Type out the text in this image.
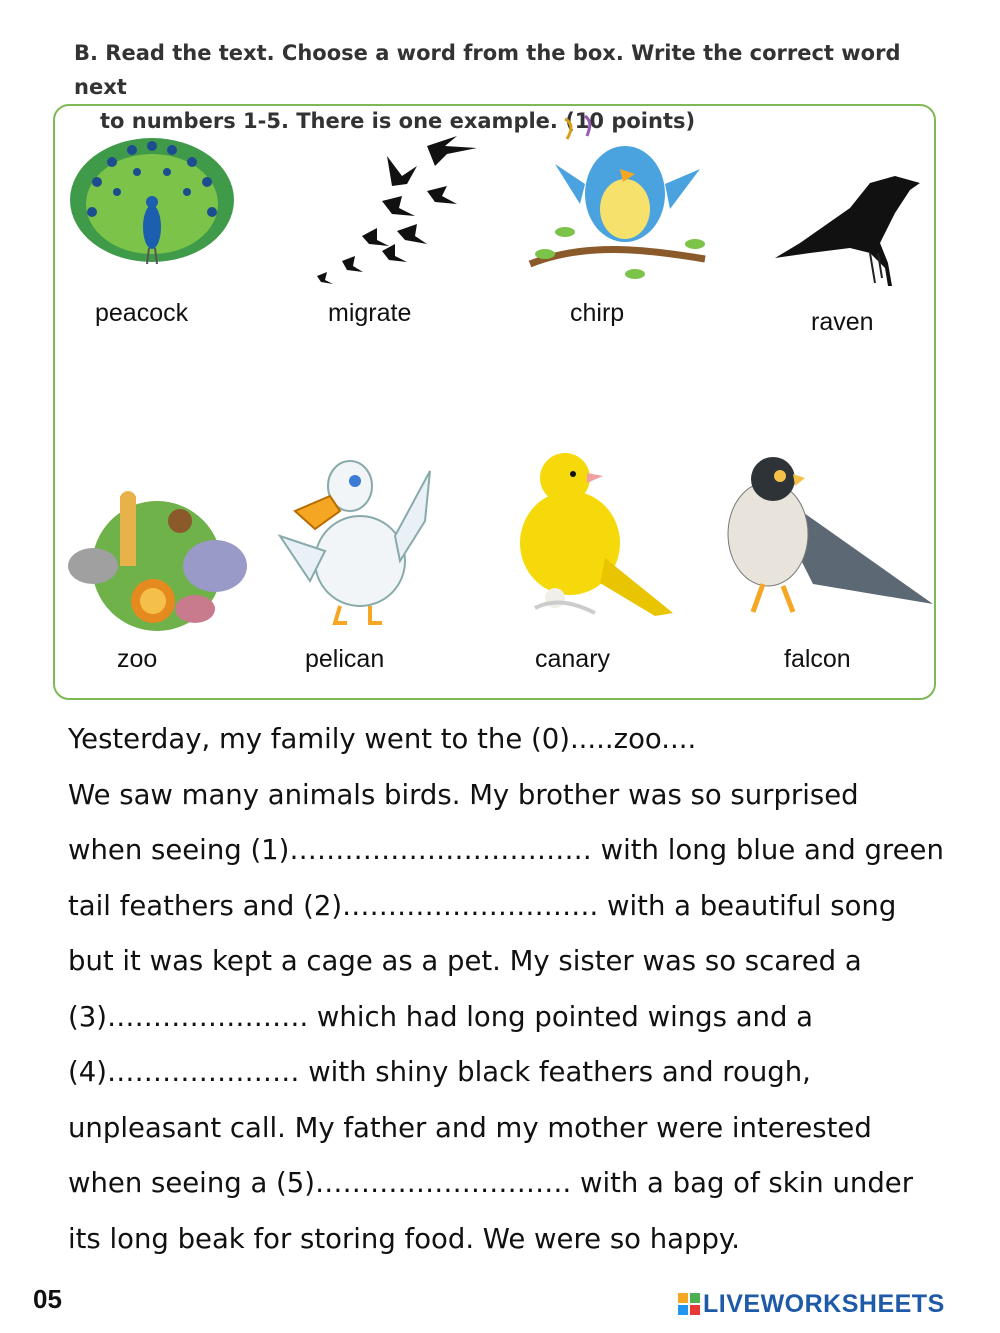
B. Read the text. Choose a word from the box. Write the correct word next
to numbers 1-5. There is one example. (10 points)
peacock	migrate	chirp	raven
zoo	pelican	canary	falcon

Yesterday, my family went to the (0).....zoo....

We saw many animals birds. My brother was so surprised

when seeing (1)…………………………… with long blue and green

tail feathers and (2)………………………. with a beautiful song

but it was kept a cage as a pet. My sister was so scared a

(3)…………………. which had long pointed wings and a

(4)………………… with shiny black feathers and rough,

unpleasant call. My father and my mother were interested

when seeing a (5)………………………. with a bag of skin under

its long beak for storing food. We were so happy.

05	LIVEWORKSHEETS
